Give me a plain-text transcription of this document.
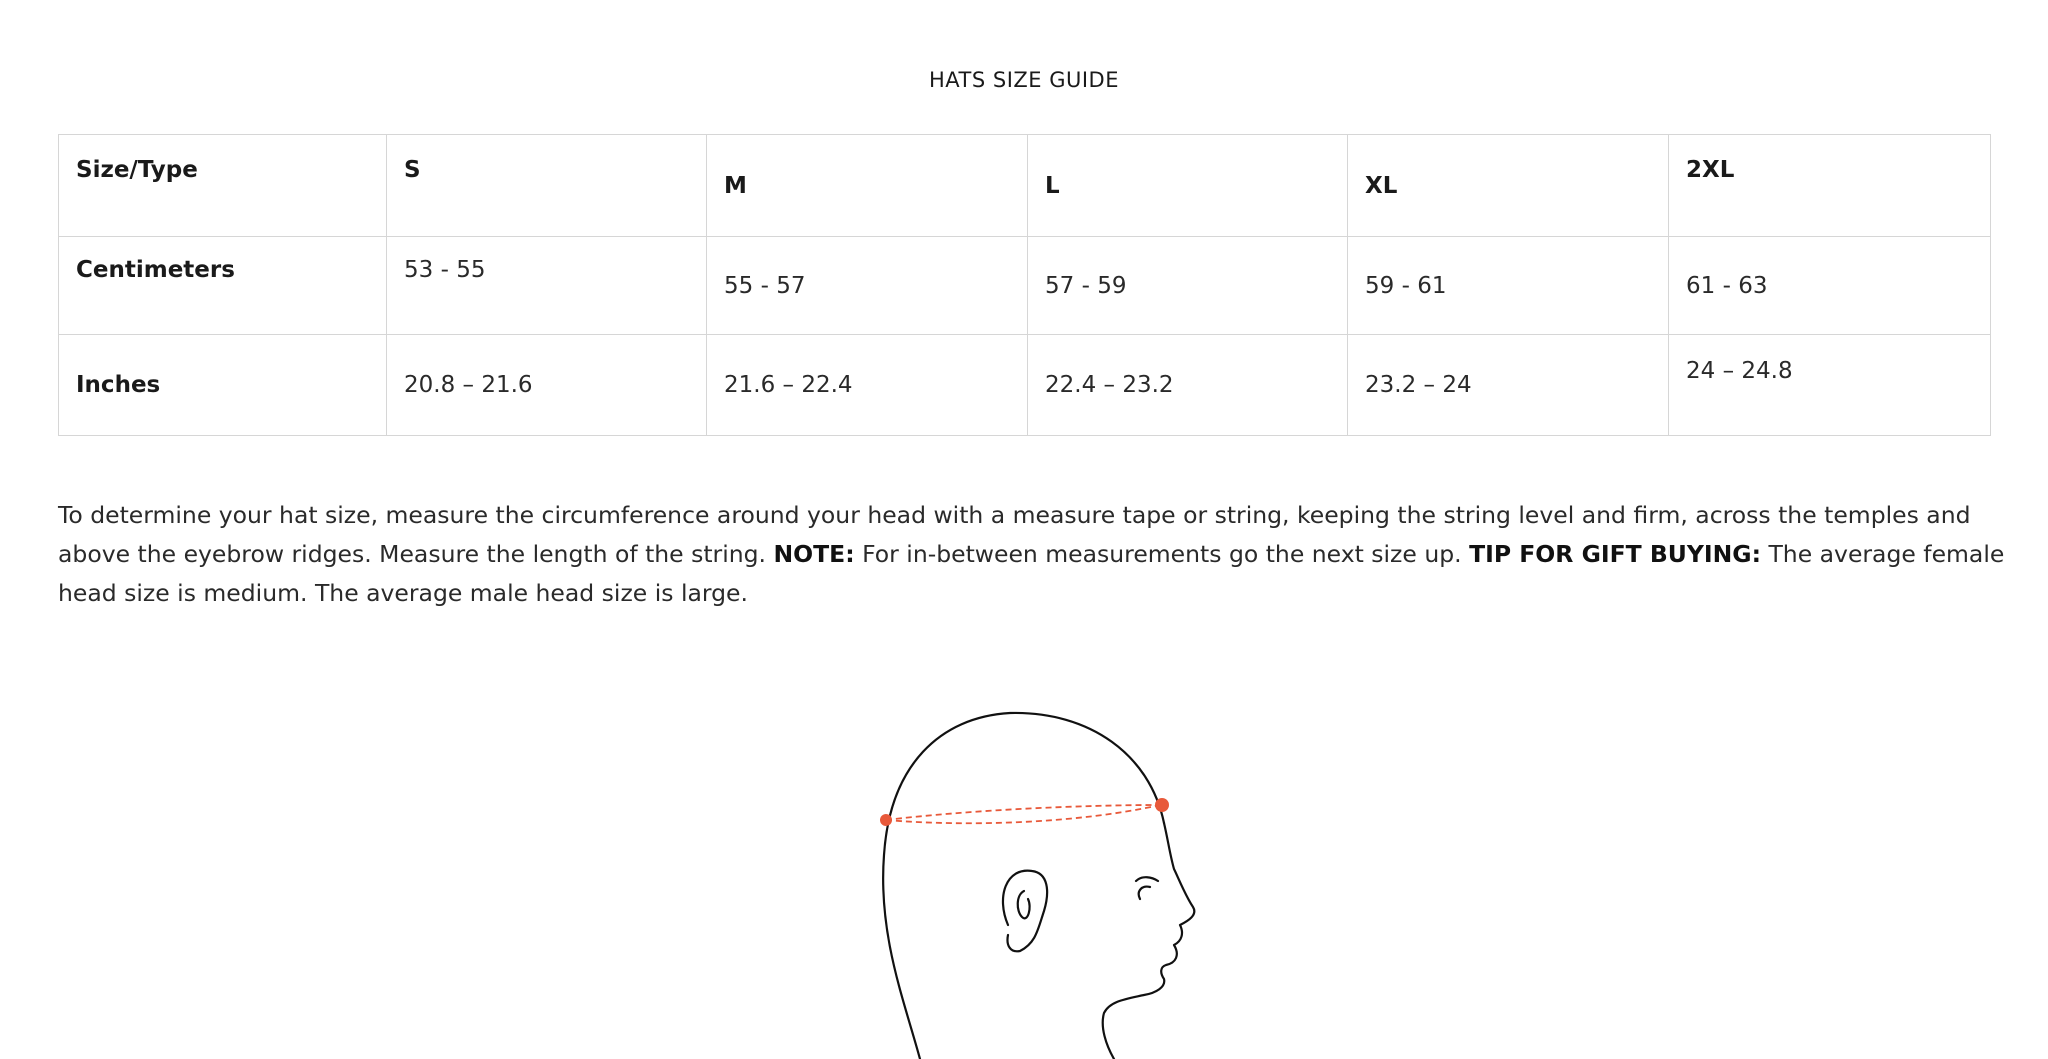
HATS SIZE GUIDE
Size/Type	S	M	L	XL	2XL
Centimeters	53 - 55	55 - 57	57 - 59	59 - 61	61 - 63
Inches	20.8 – 21.6	21.6 – 22.4	22.4 – 23.2	23.2 – 24	24 – 24.8
To determine your hat size, measure the circumference around your head with a measure tape or string, keeping the string level and firm, across the temples and above the eyebrow ridges. Measure the length of the string. NOTE: For in-between measurements go the next size up. TIP FOR GIFT BUYING: The average female head size is medium. The average male head size is large.
